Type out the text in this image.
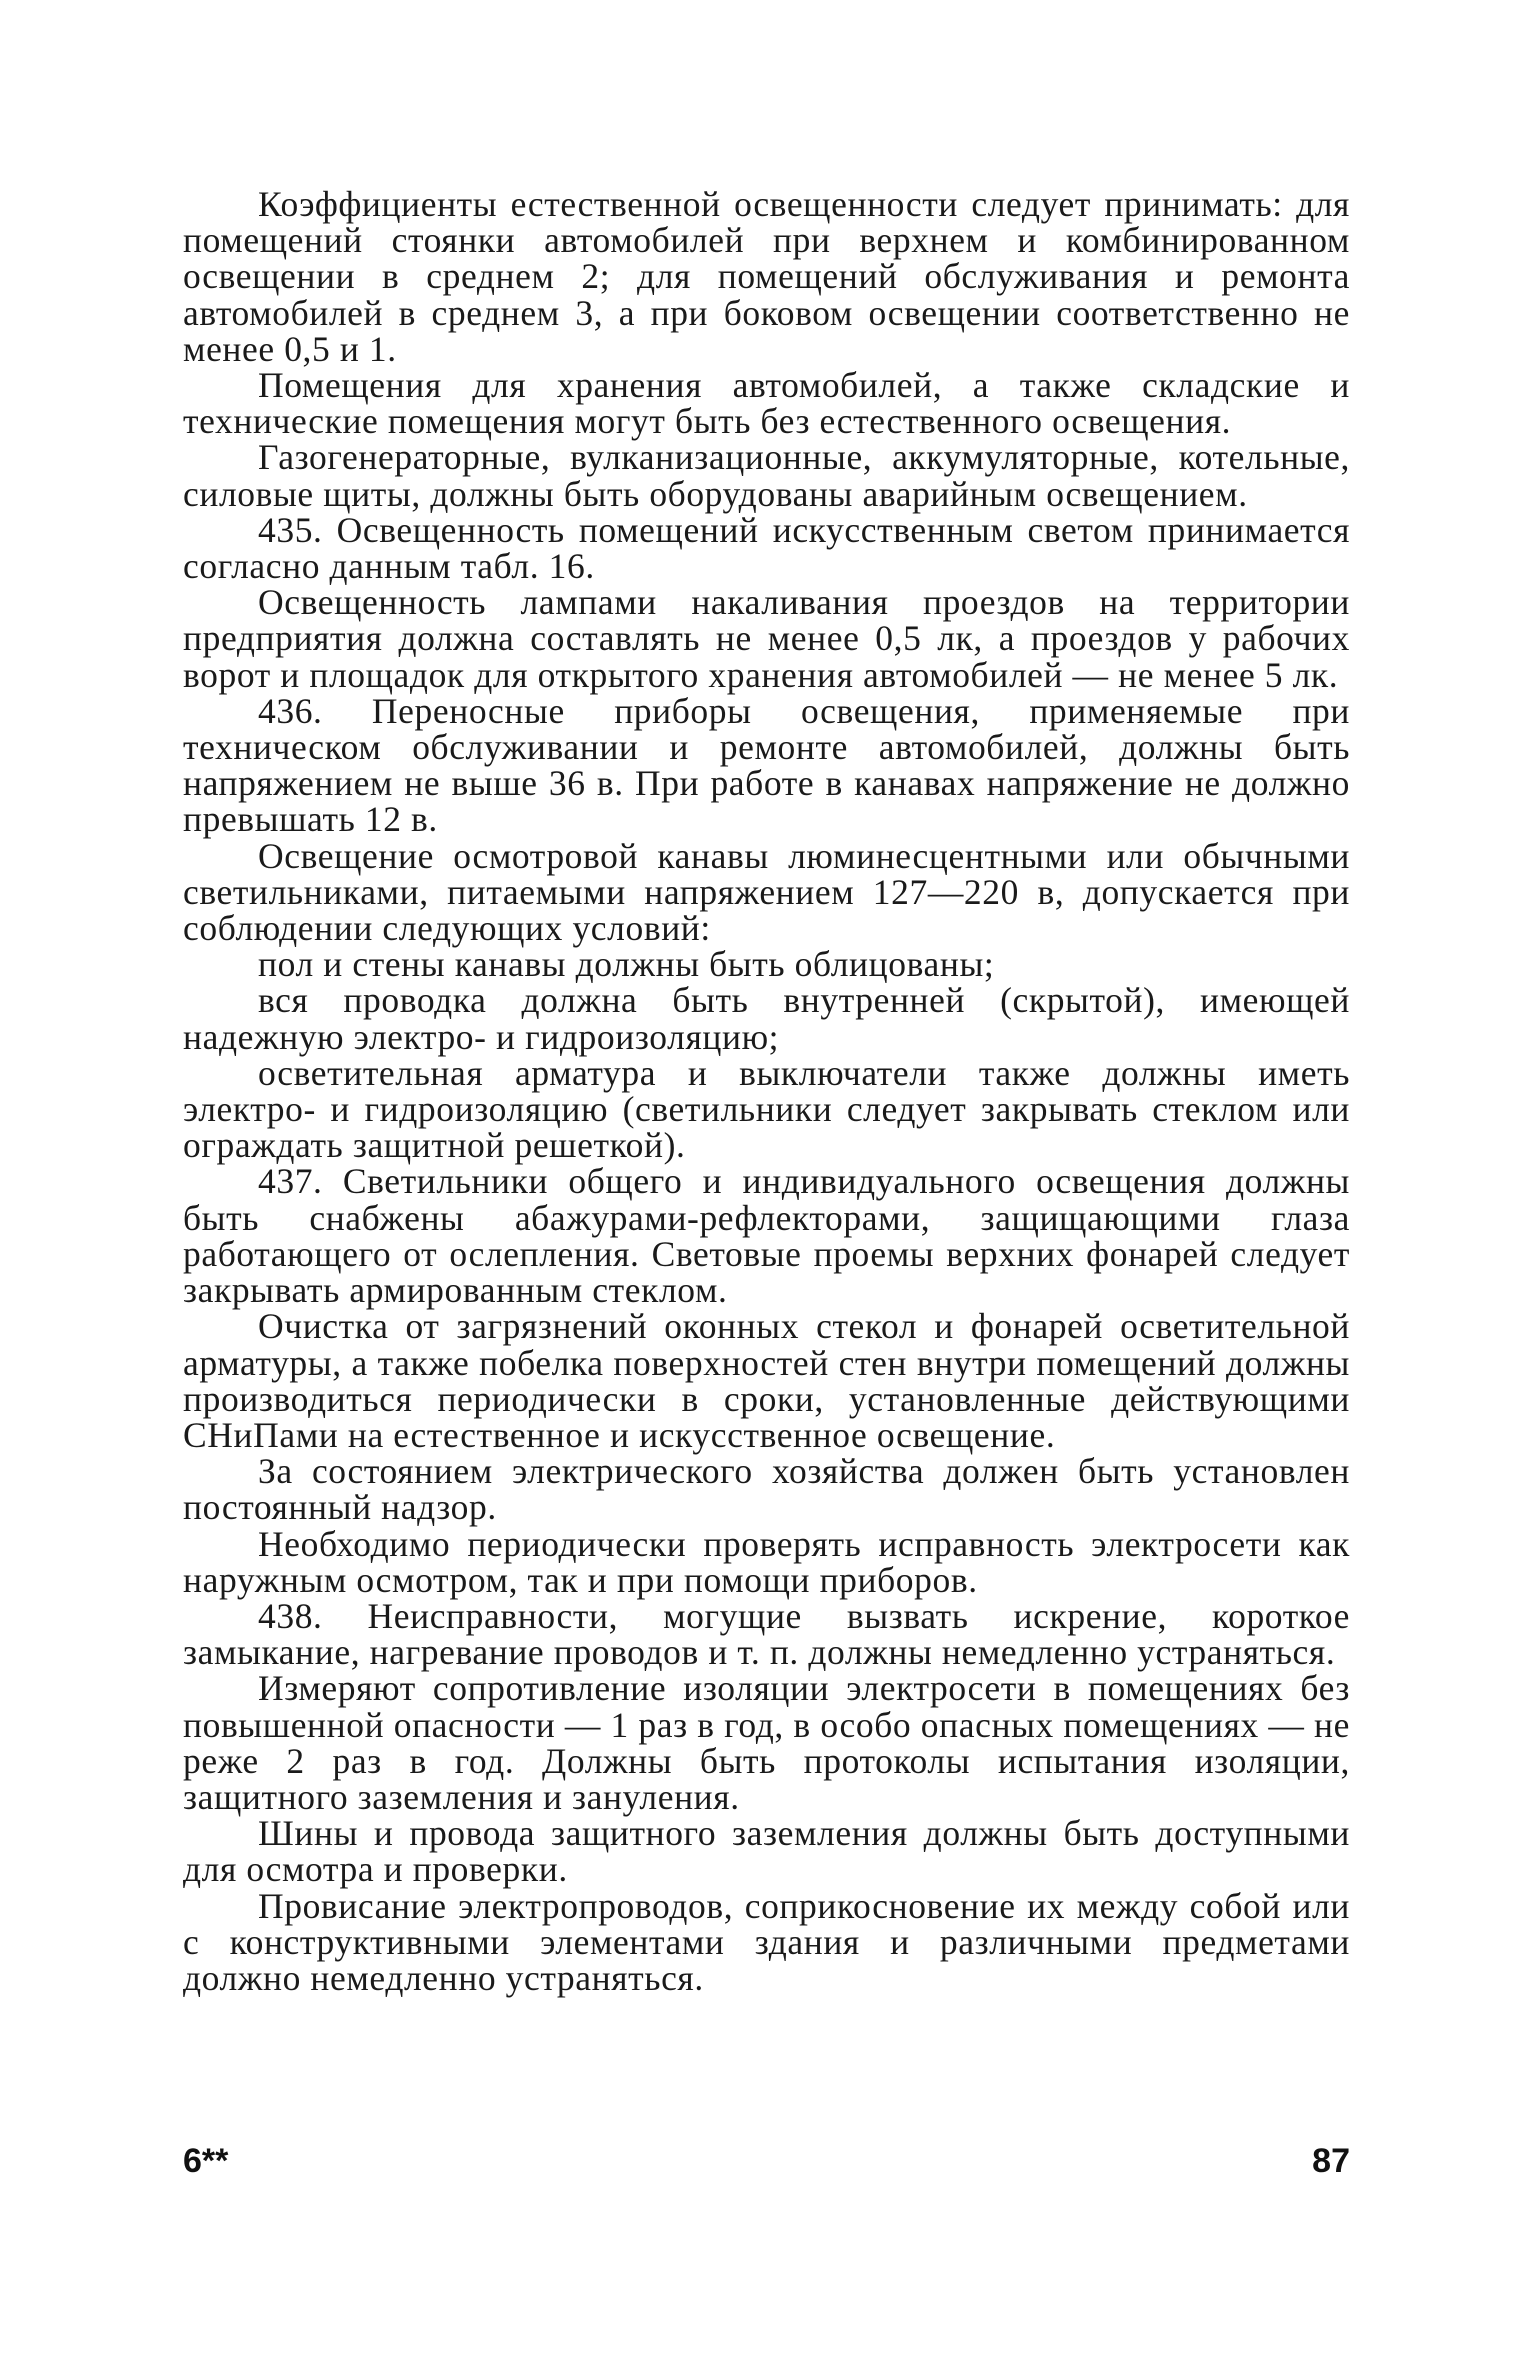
Коэффициенты естественной освещенности следует принимать: для помещений стоянки автомобилей при верхнем и комбинированном освещении в среднем 2; для помещений обслуживания и ремонта автомобилей в среднем 3, а при боковом освещении соответственно не менее 0,5 и 1.

Помещения для хранения автомобилей, а также складские и технические помещения могут быть без естественного освещения.

Газогенераторные, вулканизационные, аккумуляторные, котельные, силовые щиты, должны быть оборудованы аварийным освещением.

435. Освещенность помещений искусственным светом принимается согласно данным табл. 16.

Освещенность лампами накаливания проездов на территории предприятия должна составлять не менее 0,5 лк, а проездов у рабочих ворот и площадок для открытого хранения автомобилей — не менее 5 лк.

436. Переносные приборы освещения, применяемые при техническом обслуживании и ремонте автомобилей, должны быть напряжением не выше 36 в. При работе в канавах напряжение не должно превышать 12 в.

Освещение осмотровой канавы люминесцентными или обычными светильниками, питаемыми напряжением 127—220 в, допускается при соблюдении следующих условий:

пол и стены канавы должны быть облицованы;

вся проводка должна быть внутренней (скрытой), имеющей надежную электро- и гидроизоляцию;

осветительная арматура и выключатели также должны иметь электро- и гидроизоляцию (светильники следует закрывать стеклом или ограждать защитной решеткой).

437. Светильники общего и индивидуального освещения должны быть снабжены абажурами-рефлекторами, защищающими глаза работающего от ослепления. Световые проемы верхних фонарей следует закрывать армированным стеклом.

Очистка от загрязнений оконных стекол и фонарей осветительной арматуры, а также побелка поверхностей стен внутри помещений должны производиться периодически в сроки, установленные действующими СНиПами на естественное и искусственное освещение.

За состоянием электрического хозяйства должен быть установлен постоянный надзор.

Необходимо периодически проверять исправность электросети как наружным осмотром, так и при помощи приборов.

438. Неисправности, могущие вызвать искрение, короткое замыкание, нагревание проводов и т. п. должны немедленно устраняться.

Измеряют сопротивление изоляции электросети в помещениях без повышенной опасности — 1 раз в год, в особо опасных помещениях — не реже 2 раз в год. Должны быть протоколы испытания изоляции, защитного заземления и зануления.

Шины и провода защитного заземления должны быть доступными для осмотра и проверки.

Провисание электропроводов, соприкосновение их между собой или с конструктивными элементами здания и различными предметами должно немедленно устраняться.

6**	87
